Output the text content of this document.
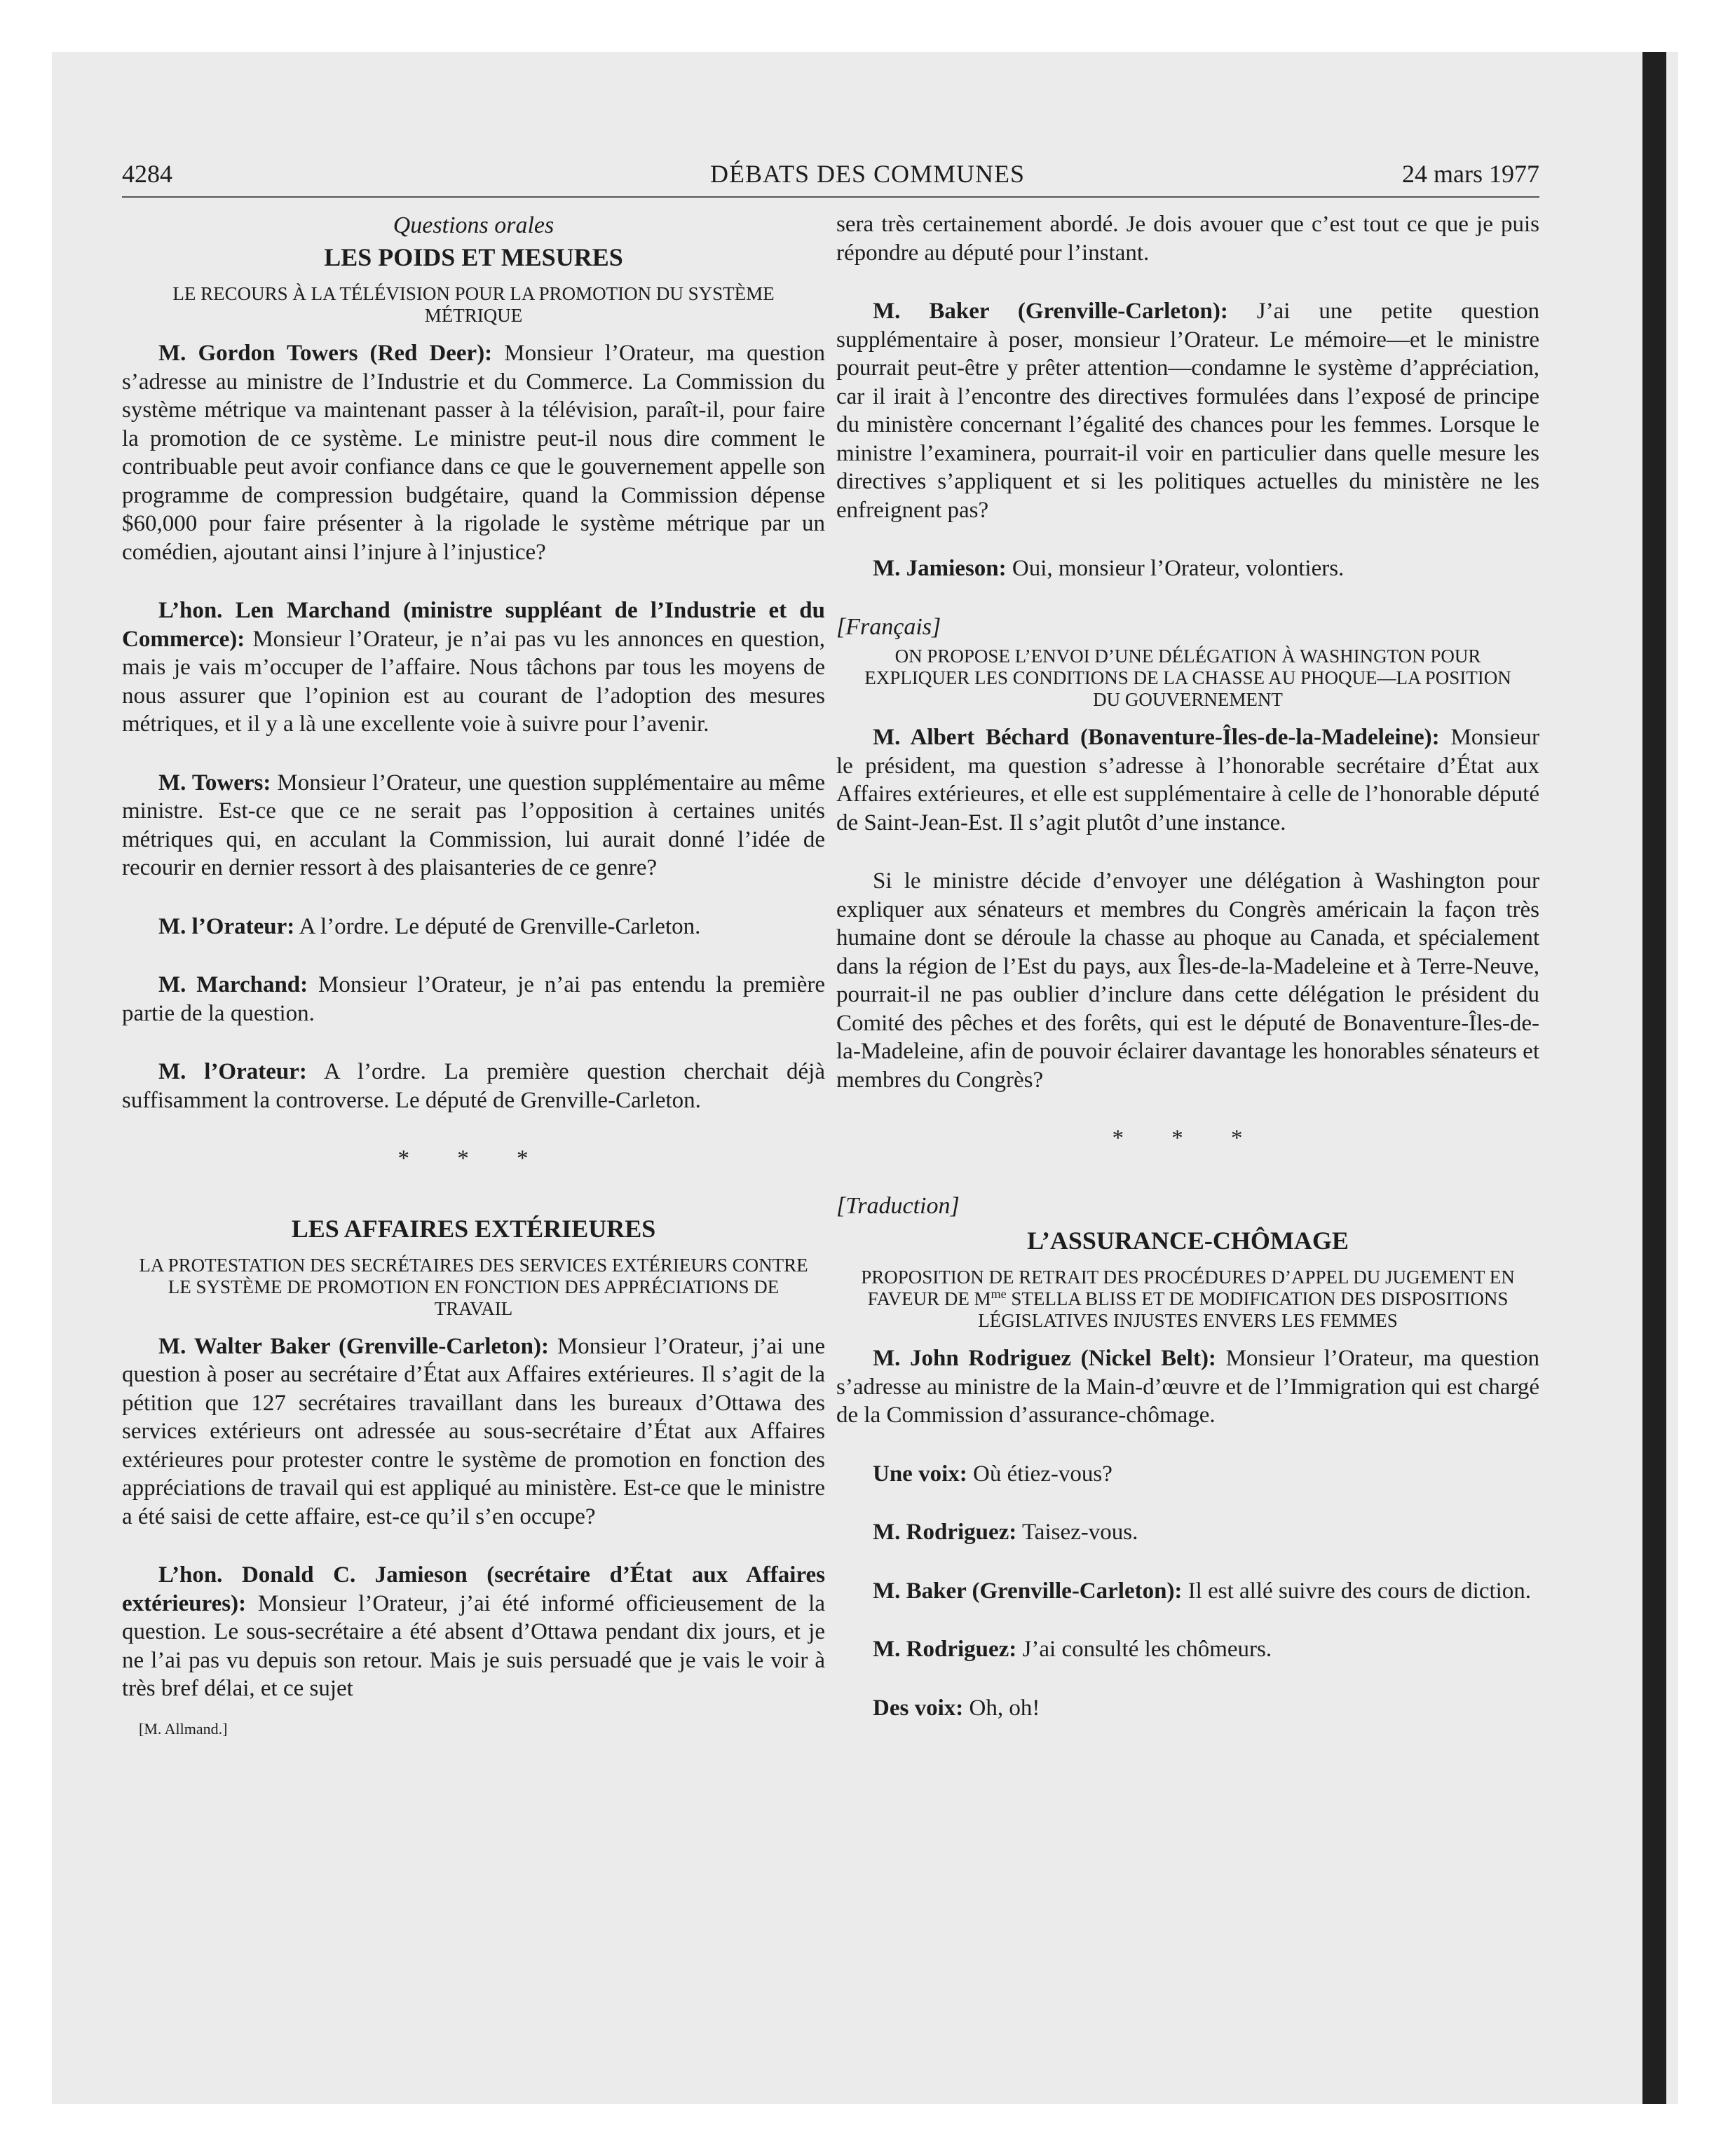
4284	DÉBATS DES COMMUNES	24 mars 1977
Questions orales
LES POIDS ET MESURES
LE RECOURS À LA TÉLÉVISION POUR LA PROMOTION DU SYSTÈME MÉTRIQUE

M. Gordon Towers (Red Deer): Monsieur l’Orateur, ma question s’adresse au ministre de l’Industrie et du Commerce. La Commission du système métrique va maintenant passer à la télévision, paraît-il, pour faire la promotion de ce système. Le ministre peut-il nous dire comment le contribuable peut avoir confiance dans ce que le gouvernement appelle son programme de compression budgétaire, quand la Commission dépense $60,000 pour faire présenter à la rigolade le système métrique par un comédien, ajoutant ainsi l’injure à l’injustice?

L’hon. Len Marchand (ministre suppléant de l’Industrie et du Commerce): Monsieur l’Orateur, je n’ai pas vu les annonces en question, mais je vais m’occuper de l’affaire. Nous tâchons par tous les moyens de nous assurer que l’opinion est au courant de l’adoption des mesures métriques, et il y a là une excellente voie à suivre pour l’avenir.

M. Towers: Monsieur l’Orateur, une question supplémentaire au même ministre. Est-ce que ce ne serait pas l’opposition à certaines unités métriques qui, en acculant la Commission, lui aurait donné l’idée de recourir en dernier ressort à des plaisanteries de ce genre?

M. l’Orateur: A l’ordre. Le député de Grenville-Carleton.

M. Marchand: Monsieur l’Orateur, je n’ai pas entendu la première partie de la question.

M. l’Orateur: A l’ordre. La première question cherchait déjà suffisamment la controverse. Le député de Grenville-Carleton.

* * *
LES AFFAIRES EXTÉRIEURES
LA PROTESTATION DES SECRÉTAIRES DES SERVICES EXTÉRIEURS CONTRE LE SYSTÈME DE PROMOTION EN FONCTION DES APPRÉCIATIONS DE TRAVAIL

M. Walter Baker (Grenville-Carleton): Monsieur l’Orateur, j’ai une question à poser au secrétaire d’État aux Affaires extérieures. Il s’agit de la pétition que 127 secrétaires travaillant dans les bureaux d’Ottawa des services extérieurs ont adressée au sous-secrétaire d’État aux Affaires extérieures pour protester contre le système de promotion en fonction des appréciations de travail qui est appliqué au ministère. Est-ce que le ministre a été saisi de cette affaire, est-ce qu’il s’en occupe?

L’hon. Donald C. Jamieson (secrétaire d’État aux Affaires extérieures): Monsieur l’Orateur, j’ai été informé officieusement de la question. Le sous-secrétaire a été absent d’Ottawa pendant dix jours, et je ne l’ai pas vu depuis son retour. Mais je suis persuadé que je vais le voir à très bref délai, et ce sujet

[M. Allmand.]

sera très certainement abordé. Je dois avouer que c’est tout ce que je puis répondre au député pour l’instant.

M. Baker (Grenville-Carleton): J’ai une petite question supplémentaire à poser, monsieur l’Orateur. Le mémoire—et le ministre pourrait peut-être y prêter attention—condamne le système d’appréciation, car il irait à l’encontre des directives formulées dans l’exposé de principe du ministère concernant l’égalité des chances pour les femmes. Lorsque le ministre l’examinera, pourrait-il voir en particulier dans quelle mesure les directives s’appliquent et si les politiques actuelles du ministère ne les enfreignent pas?

M. Jamieson: Oui, monsieur l’Orateur, volontiers.

[Français]
ON PROPOSE L’ENVOI D’UNE DÉLÉGATION À WASHINGTON POUR EXPLIQUER LES CONDITIONS DE LA CHASSE AU PHOQUE—LA POSITION DU GOUVERNEMENT

M. Albert Béchard (Bonaventure-Îles-de-la-Madeleine): Monsieur le président, ma question s’adresse à l’honorable secrétaire d’État aux Affaires extérieures, et elle est supplémentaire à celle de l’honorable député de Saint-Jean-Est. Il s’agit plutôt d’une instance.

Si le ministre décide d’envoyer une délégation à Washington pour expliquer aux sénateurs et membres du Congrès américain la façon très humaine dont se déroule la chasse au phoque au Canada, et spécialement dans la région de l’Est du pays, aux Îles-de-la-Madeleine et à Terre-Neuve, pourrait-il ne pas oublier d’inclure dans cette délégation le président du Comité des pêches et des forêts, qui est le député de Bonaventure-Îles-de-la-Madeleine, afin de pouvoir éclairer davantage les honorables sénateurs et membres du Congrès?

* * *
[Traduction]
L’ASSURANCE-CHÔMAGE
PROPOSITION DE RETRAIT DES PROCÉDURES D’APPEL DU JUGEMENT EN FAVEUR DE $M^{me}$ STELLA BLISS ET DE MODIFICATION DES DISPOSITIONS LÉGISLATIVES INJUSTES ENVERS LES FEMMES

M. John Rodriguez (Nickel Belt): Monsieur l’Orateur, ma question s’adresse au ministre de la Main-d’œuvre et de l’Immigration qui est chargé de la Commission d’assurance-chômage.

Une voix: Où étiez-vous?

M. Rodriguez: Taisez-vous.

M. Baker (Grenville-Carleton): Il est allé suivre des cours de diction.

M. Rodriguez: J’ai consulté les chômeurs.

Des voix: Oh, oh!
